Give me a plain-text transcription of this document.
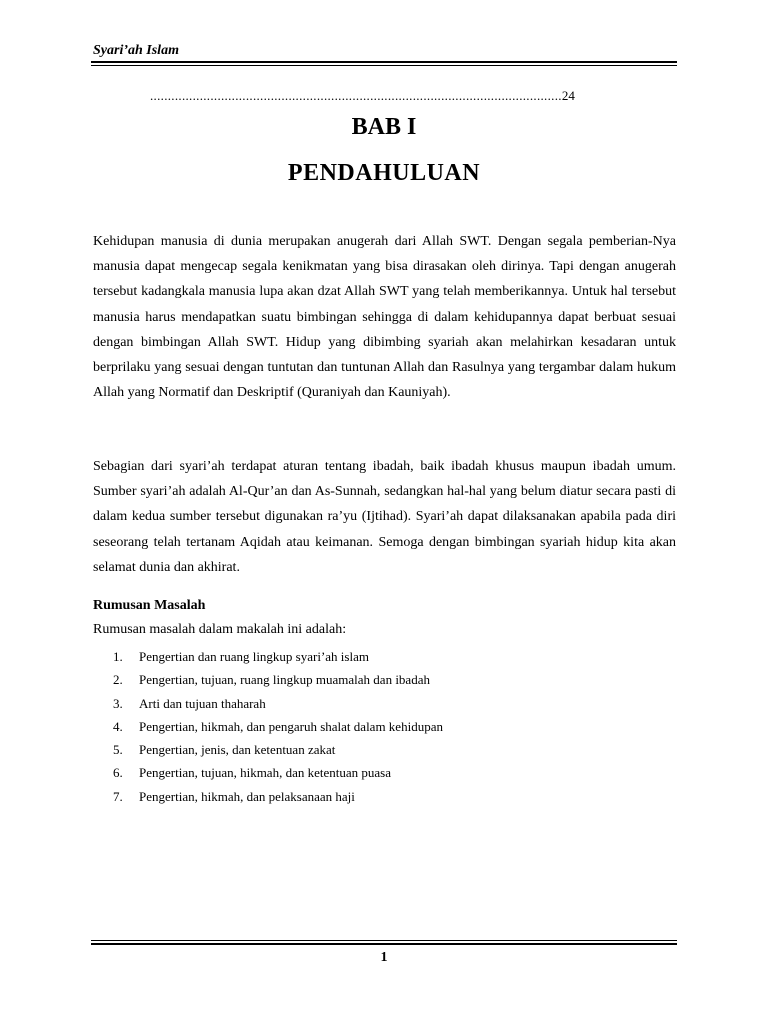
Syari’ah Islam
....................................................................................................................24
BAB I
PENDAHULUAN

Kehidupan manusia di dunia merupakan anugerah dari Allah SWT. Dengan segala pemberian-Nya manusia dapat mengecap segala kenikmatan yang bisa dirasakan oleh dirinya. Tapi dengan anugerah tersebut kadangkala manusia lupa akan dzat Allah SWT yang telah memberikannya. Untuk hal tersebut manusia harus mendapatkan suatu bimbingan sehingga di dalam kehidupannya dapat berbuat sesuai dengan bimbingan Allah SWT. Hidup yang dibimbing syariah akan melahirkan kesadaran untuk berprilaku yang sesuai dengan tuntutan dan tuntunan Allah dan Rasulnya yang tergambar dalam hukum Allah yang Normatif dan Deskriptif (Quraniyah dan Kauniyah).

Sebagian dari syari’ah terdapat aturan tentang ibadah, baik ibadah khusus maupun ibadah umum. Sumber syari’ah adalah Al-Qur’an dan As-Sunnah, sedangkan hal-hal yang belum diatur secara pasti di dalam kedua sumber tersebut digunakan ra’yu (Ijtihad). Syari’ah dapat dilaksanakan apabila pada diri seseorang telah tertanam Aqidah atau keimanan. Semoga dengan bimbingan syariah hidup kita akan selamat dunia dan akhirat.

Rumusan Masalah
Rumusan masalah dalam makalah ini adalah:
1.	Pengertian dan ruang lingkup syari’ah islam
2.	Pengertian, tujuan, ruang lingkup muamalah dan ibadah
3.	Arti dan tujuan thaharah
4.	Pengertian, hikmah, dan pengaruh shalat dalam kehidupan
5.	Pengertian, jenis, dan ketentuan zakat
6.	Pengertian, tujuan, hikmah, dan ketentuan puasa
7.	Pengertian, hikmah, dan pelaksanaan haji
1
